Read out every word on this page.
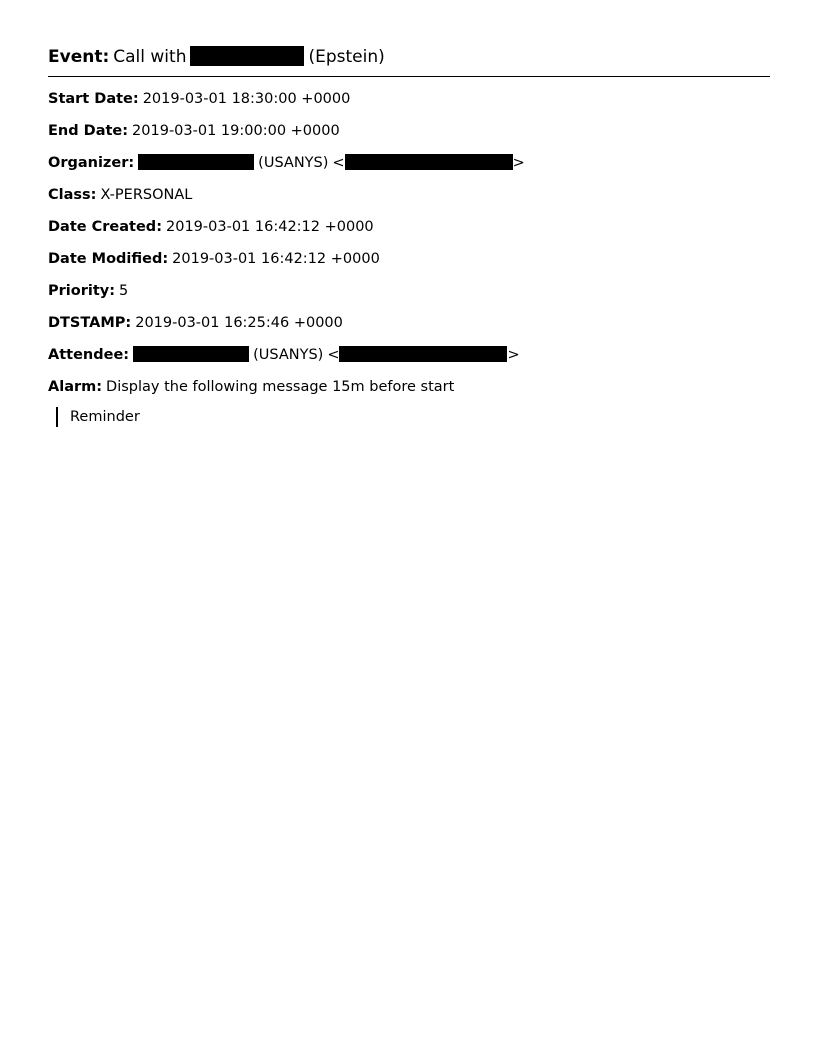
Event: Call with	(Epstein)
Start Date: 2019-03-01 18:30:00 +0000
End Date: 2019-03-01 19:00:00 +0000
Organizer:	(USANYS) <	>
Class: X-PERSONAL
Date Created: 2019-03-01 16:42:12 +0000
Date Modified: 2019-03-01 16:42:12 +0000
Priority: 5
DTSTAMP: 2019-03-01 16:25:46 +0000
Attendee:	(USANYS) <	>
Alarm: Display the following message 15m before start
Reminder
